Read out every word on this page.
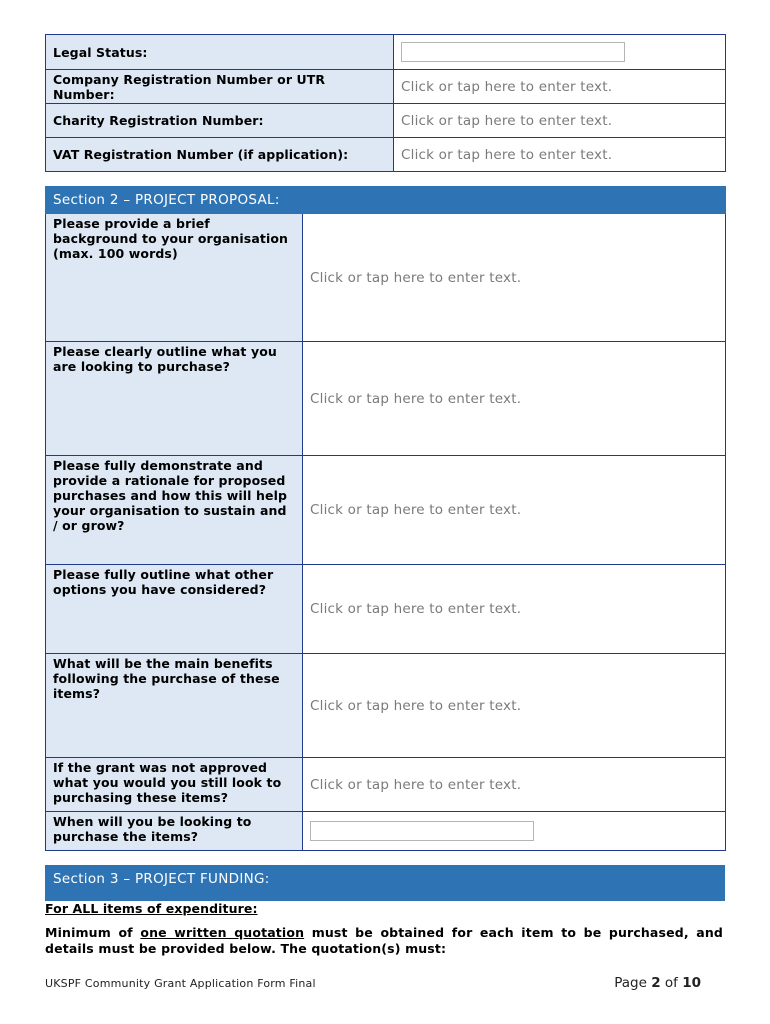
Legal Status:	
Company Registration Number or UTR Number:	Click or tap here to enter text.
Charity Registration Number:	Click or tap here to enter text.
VAT Registration Number (if application):	Click or tap here to enter text.
Section 2 – PROJECT PROPOSAL:	
Please provide a brief background to your organisation (max. 100 words)	Click or tap here to enter text.
Please clearly outline what you are looking to purchase?	Click or tap here to enter text.
Please fully demonstrate and provide a rationale for proposed purchases and how this will help your organisation to sustain and / or grow?	Click or tap here to enter text.
Please fully outline what other options you have considered?	Click or tap here to enter text.
What will be the main benefits following the purchase of these items?	Click or tap here to enter text.
If the grant was not approved what you would you still look to purchasing these items?	Click or tap here to enter text.
When will you be looking to purchase the items?	
Section 3 – PROJECT FUNDING:
For ALL items of expenditure:
Minimum of one written quotation must be obtained for each item to be purchased, and details must be provided below. The quotation(s) must:
UKSPF Community Grant Application Form Final	Page 2 of 10
